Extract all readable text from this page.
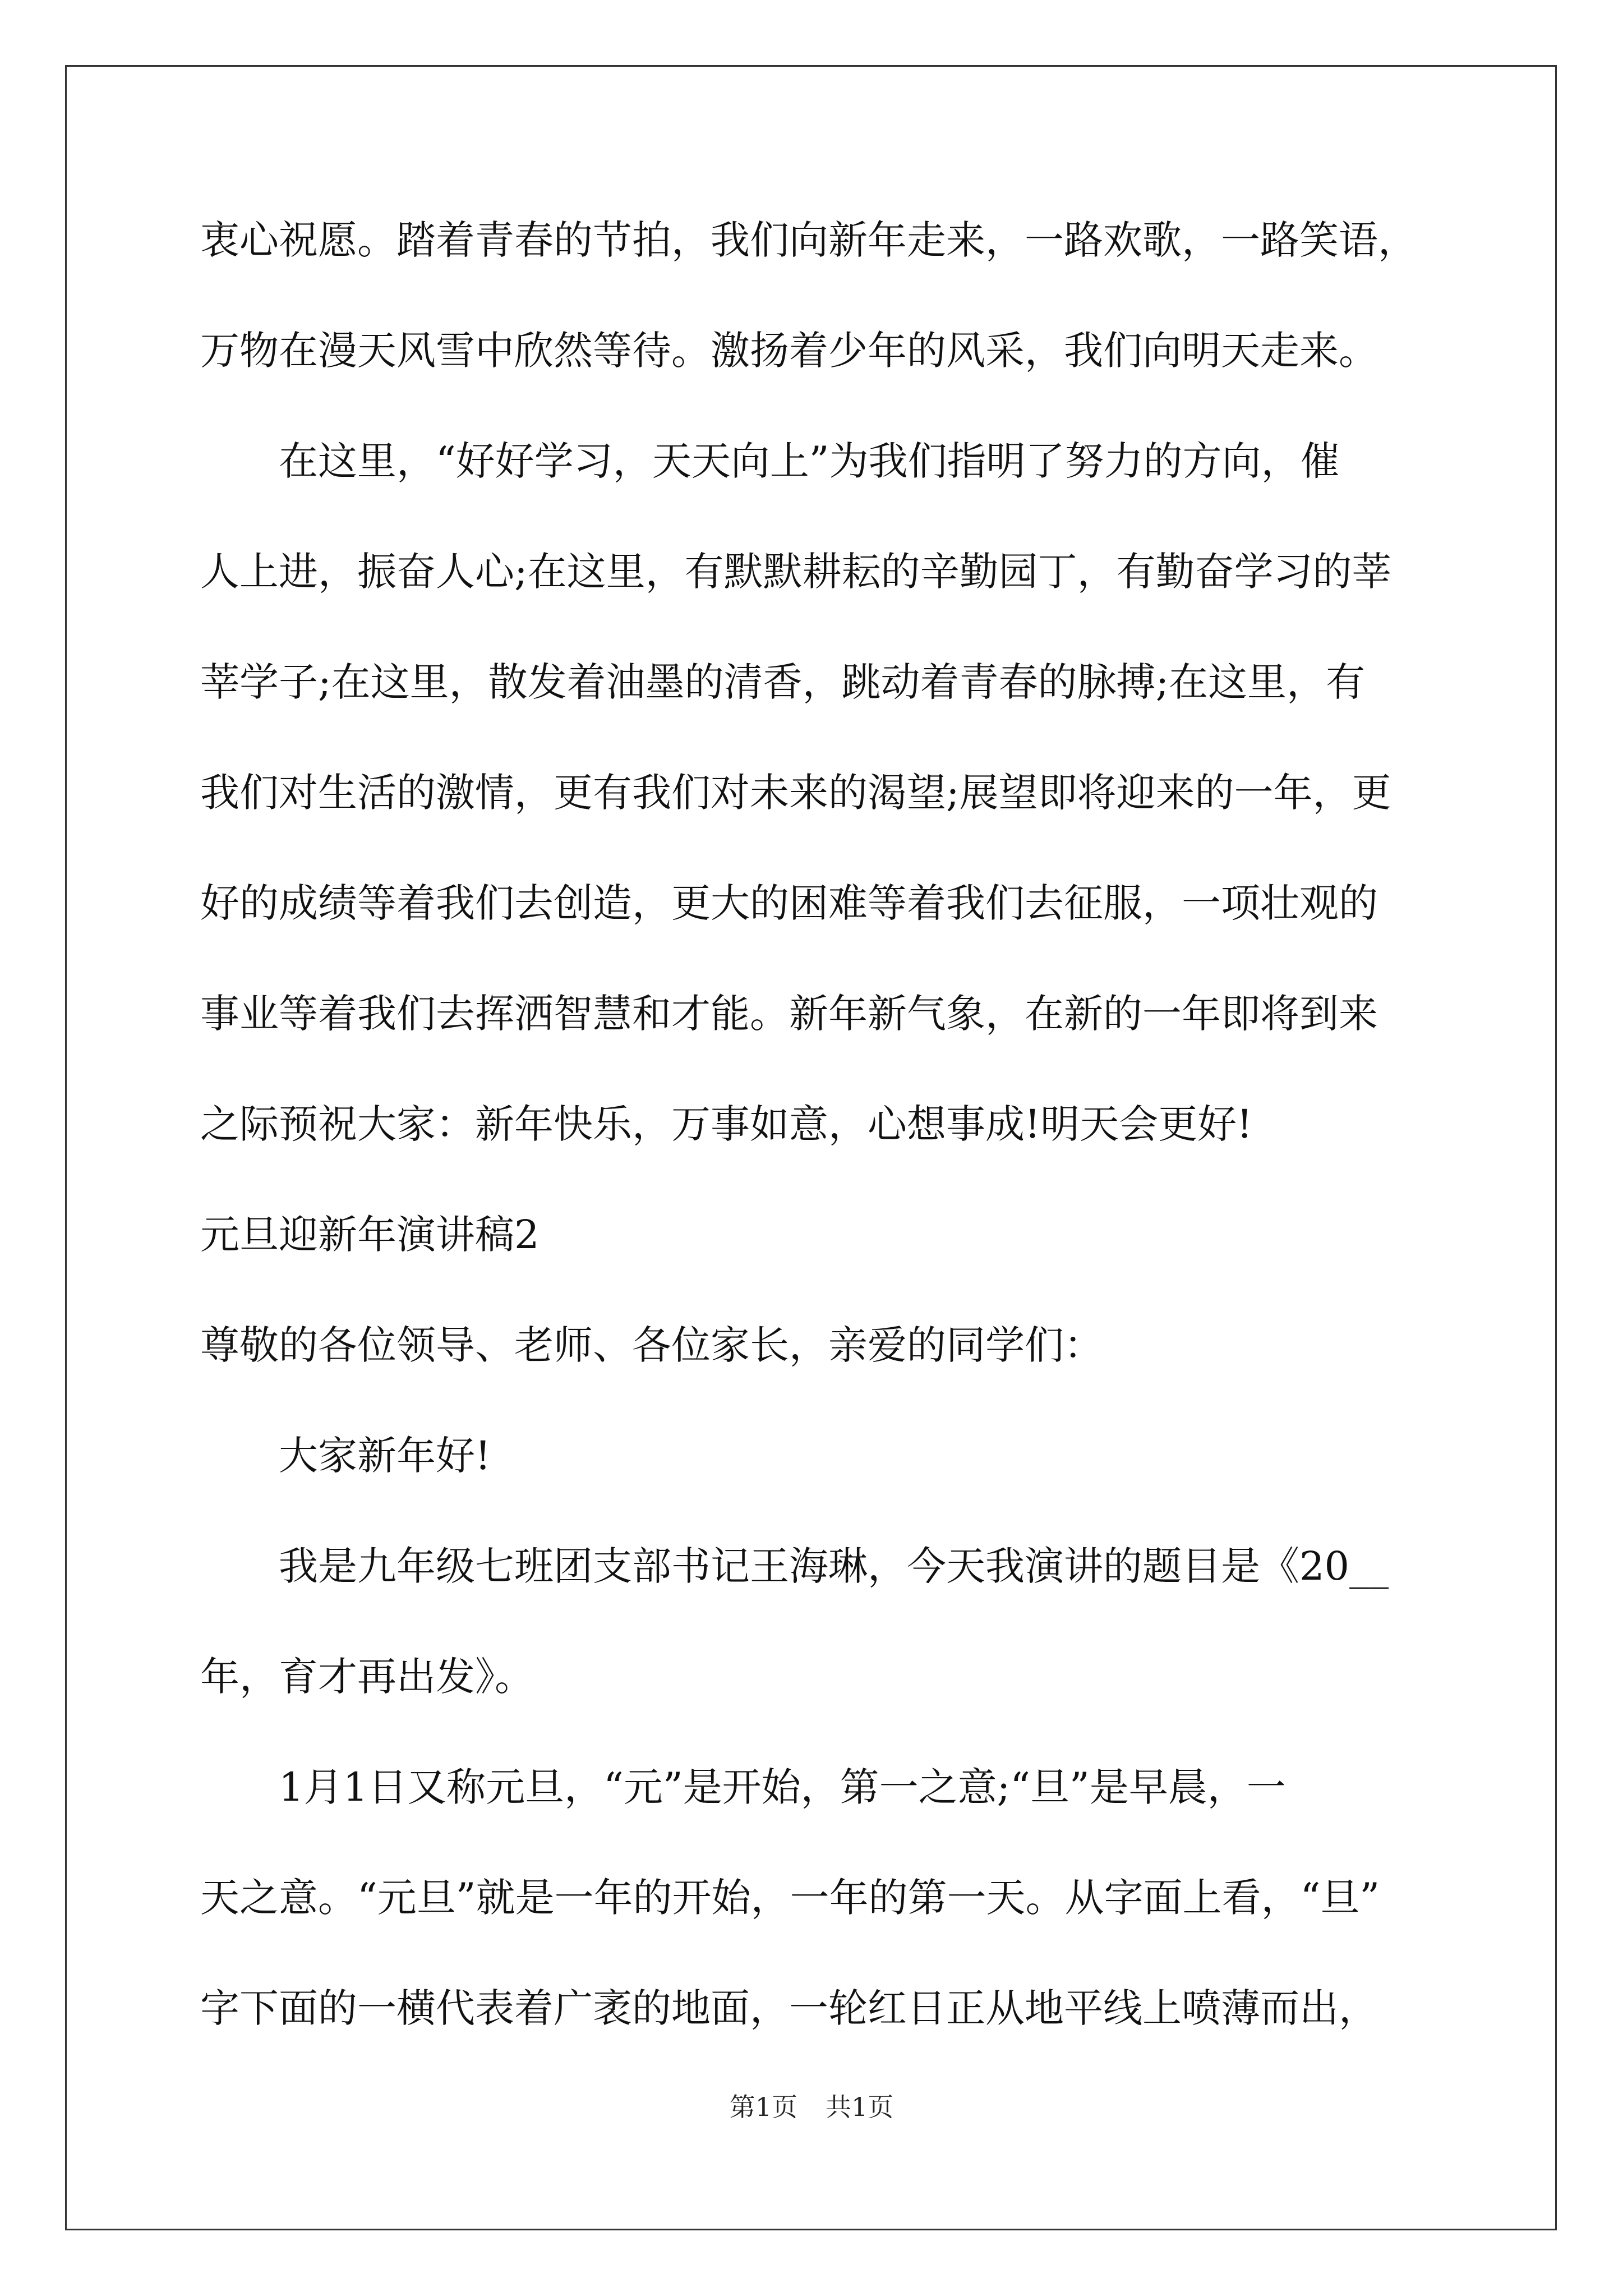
衷心祝愿。踏着青春的节拍，我们向新年走来，一路欢歌，一路笑语，
万物在漫天风雪中欣然等待。激扬着少年的风采，我们向明天走来。
在这里，“好好学习，天天向上”为我们指明了努力的方向，催
人上进，振奋人心;在这里，有默默耕耘的辛勤园丁，有勤奋学习的莘
莘学子;在这里，散发着油墨的清香，跳动着青春的脉搏;在这里，有
我们对生活的激情，更有我们对未来的渴望;展望即将迎来的一年，更
好的成绩等着我们去创造，更大的困难等着我们去征服，一项壮观的
事业等着我们去挥洒智慧和才能。新年新气象，在新的一年即将到来
之际预祝大家：新年快乐，万事如意，心想事成!明天会更好!
元旦迎新年演讲稿2
尊敬的各位领导、老师、各位家长，亲爱的同学们：
大家新年好!
我是九年级七班团支部书记王海琳，今天我演讲的题目是《20__
年，育才再出发》。
1月1日又称元旦，“元”是开始，第一之意;“旦”是早晨，一
天之意。“元旦”就是一年的开始，一年的第一天。从字面上看，“旦”
字下面的一横代表着广袤的地面，一轮红日正从地平线上喷薄而出，
第1页 共1页
